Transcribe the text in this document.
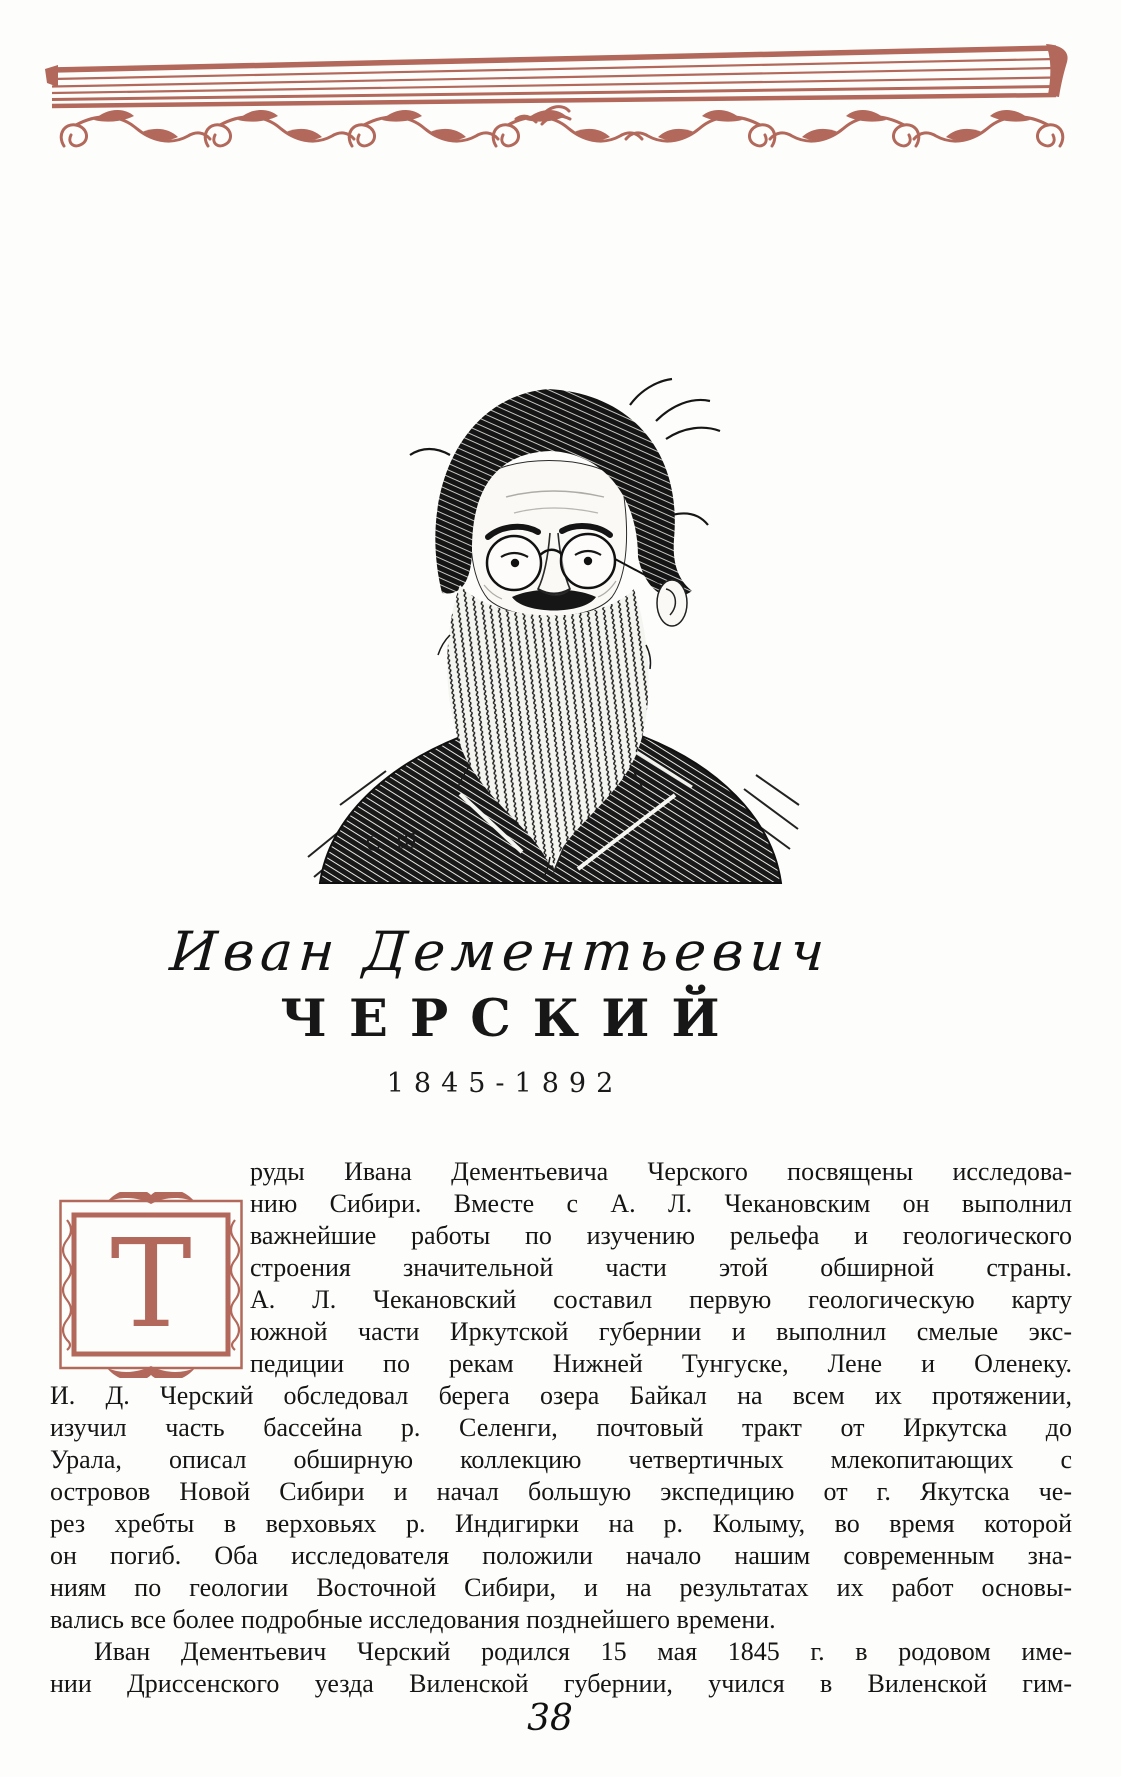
С.Ш.
Иван Дементьевич
ЧЕРСКИЙ
1845-1892
Т
руды Ивана Дементьевича Черского посвящены исследова-
нию Сибири. Вместе с А. Л. Чекановским он выполнил
важнейшие работы по изучению рельефа и геологического
строения значительной части этой обширной страны.
А. Л. Чекановский составил первую геологическую карту
южной части Иркутской губернии и выполнил смелые экс-
педиции по рекам Нижней Тунгуске, Лене и Оленеку.
И. Д. Черский обследовал берега озера Байкал на всем их протяжении,
изучил часть бассейна р. Селенги, почтовый тракт от Иркутска до
Урала, описал обширную коллекцию четвертичных млекопитающих с
островов Новой Сибири и начал большую экспедицию от г. Якутска че-
рез хребты в верховьях р. Индигирки на р. Колыму, во время которой
он погиб. Оба исследователя положили начало нашим современным зна-
ниям по геологии Восточной Сибири, и на результатах их работ основы-
вались все более подробные исследования позднейшего времени.
Иван Дементьевич Черский родился 15 мая 1845 г. в родовом име-
нии Дриссенского уезда Виленской губернии, учился в Виленской гим-
38
